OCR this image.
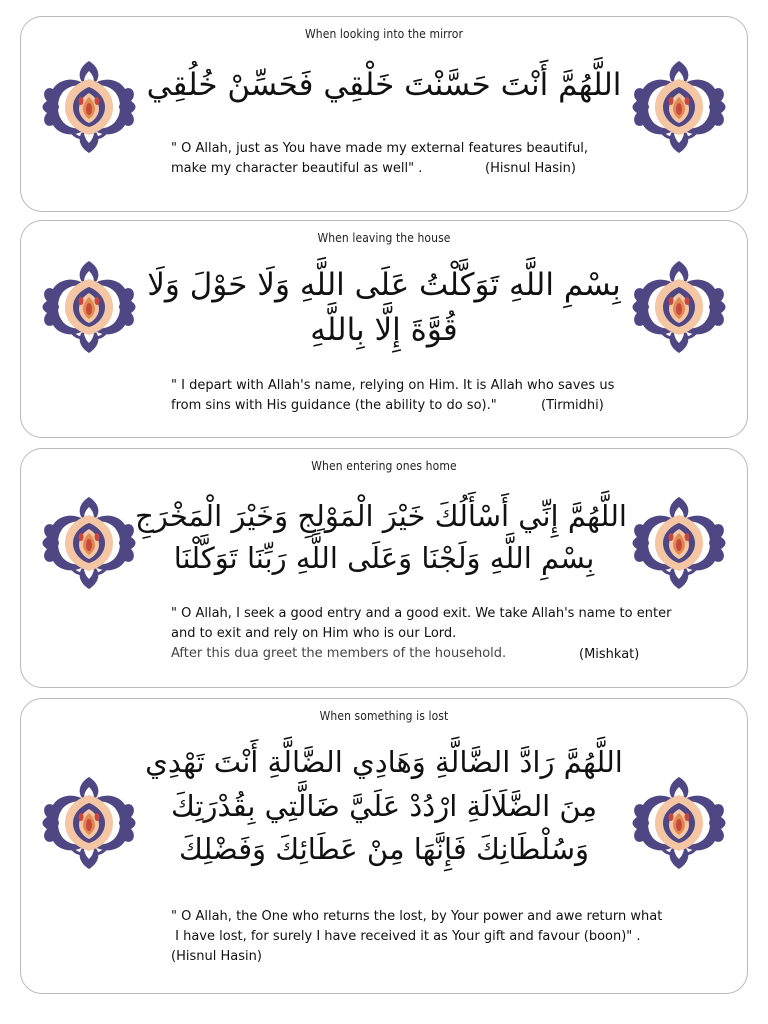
When looking into the mirror
اللَّهُمَّ أَنْتَ حَسَّنْتَ خَلْقِي فَحَسِّنْ خُلُقِي
" O Allah, just as You have made my external features beautiful,
make my character beautiful as well" .	(Hisnul Hasin)
When leaving the house
بِسْمِ اللَّهِ تَوَكَّلْتُ عَلَى اللَّهِ وَلَا حَوْلَ وَلَا
قُوَّةَ إِلَّا بِاللَّهِ
" I depart with Allah's name, relying on Him. It is Allah who saves us
from sins with His guidance (the ability to do so)."	(Tirmidhi)
When entering ones home
اللَّهُمَّ إِنِّي أَسْأَلُكَ خَيْرَ الْمَوْلِجِ وَخَيْرَ الْمَخْرَجِ
بِسْمِ اللَّهِ وَلَجْنَا وَعَلَى اللَّهِ رَبِّنَا تَوَكَّلْنَا
" O Allah, I seek a good entry and a good exit. We take Allah's name to enter
and to exit and rely on Him who is our Lord.
After this dua greet the members of the household.	(Mishkat)
When something is lost
اللَّهُمَّ رَادَّ الضَّالَّةِ وَهَادِي الضَّالَّةِ أَنْتَ تَهْدِي
مِنَ الضَّلَالَةِ ارْدُدْ عَلَيَّ ضَالَّتِي بِقُدْرَتِكَ
وَسُلْطَانِكَ فَإِنَّهَا مِنْ عَطَائِكَ وَفَضْلِكَ
" O Allah, the One who returns the lost, by Your power and awe return what
I have lost, for surely I have received it as Your gift and favour (boon)" .
(Hisnul Hasin)
